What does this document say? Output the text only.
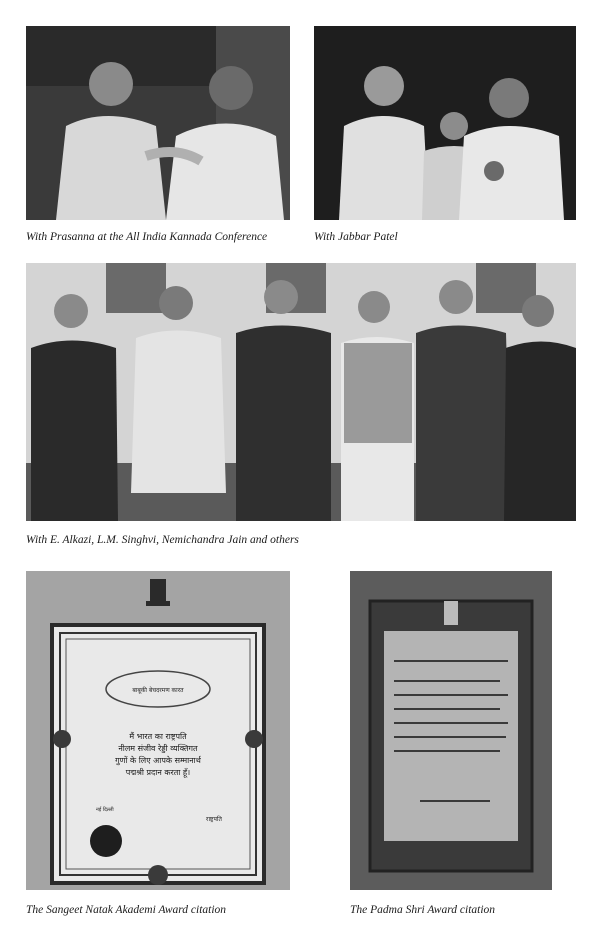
With Prasanna at the All India Kannada Conference	With Jabbar Patel
With E. Alkazi, L.M. Singhvi, Nemichandra Jain and others
बाबूकी बेचदरमण कारत
मैं भारत का राष्ट्रपति
नीलम संजीव रेड्डी व्यक्तिगत
गुणों के लिए आपके सम्मानार्थ
पद्मश्री प्रदान करता हूँ।
नई दिल्ली
राष्ट्रपति
The Sangeet Natak Akademi Award citation	The Padma Shri Award citation
